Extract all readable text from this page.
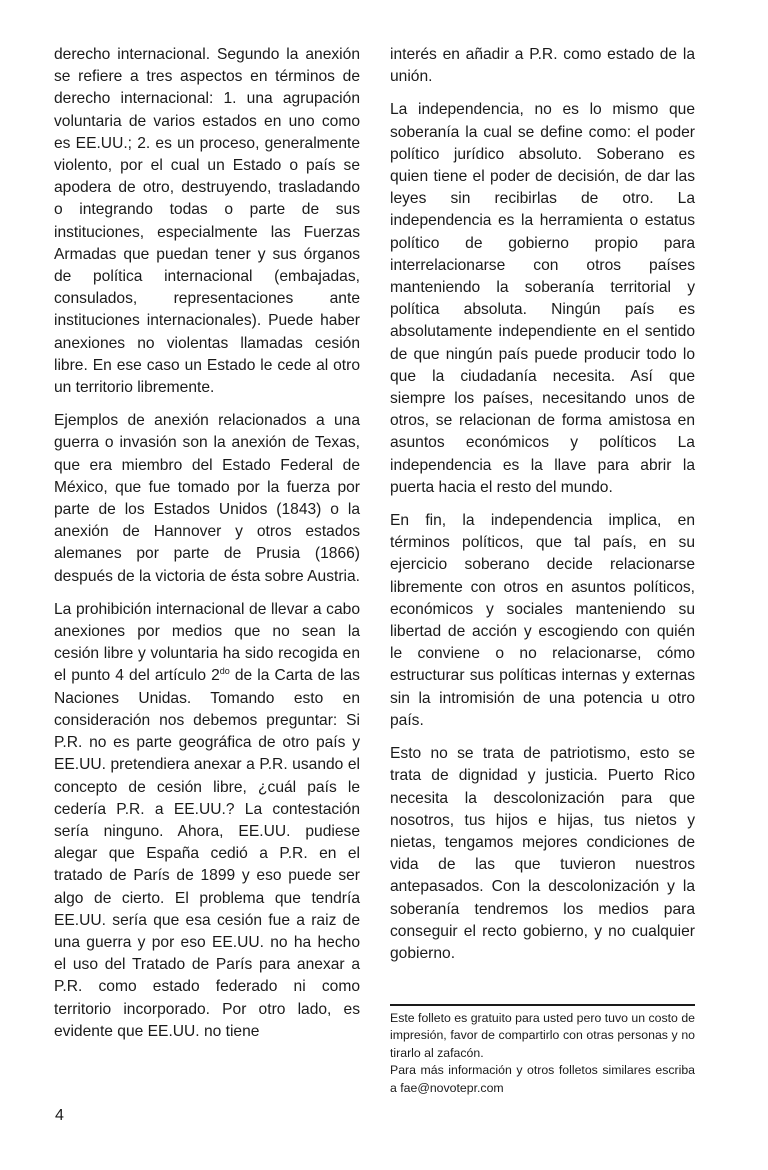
derecho internacional. Segundo la anexión se refiere a tres aspectos en términos de derecho internacional: 1. una agrupación voluntaria de varios estados en uno como es EE.UU.; 2. es un proceso, generalmente violento, por el cual un Estado o país se apodera de otro, destruyendo, trasladando o integrando todas o parte de sus instituciones, especialmente las Fuerzas Armadas que puedan tener y sus órganos de política internacional (embajadas, consulados, representaciones ante instituciones internacionales). Puede haber anexiones no violentas llamadas cesión libre. En ese caso un Estado le cede al otro un territorio libremente.

Ejemplos de anexión relacionados a una guerra o invasión son la anexión de Texas, que era miembro del Estado Federal de México, que fue tomado por la fuerza por parte de los Estados Unidos (1843) o la anexión de Hannover y otros estados alemanes por parte de Prusia (1866) después de la victoria de ésta sobre Austria.

La prohibición internacional de llevar a cabo anexiones por medios que no sean la cesión libre y voluntaria ha sido recogida en el punto 4 del artículo $2^{do}$ de la Carta de las Naciones Unidas. Tomando esto en consideración nos debemos preguntar: Si P.R. no es parte geográfica de otro país y EE.UU. pretendiera anexar a P.R. usando el concepto de cesión libre, ¿cuál país le cedería P.R. a EE.UU.? La contestación sería ninguno. Ahora, EE.UU. pudiese alegar que España cedió a P.R. en el tratado de París de 1899 y eso puede ser algo de cierto. El problema que tendría EE.UU. sería que esa cesión fue a raiz de una guerra y por eso EE.UU. no ha hecho el uso del Tratado de París para anexar a P.R. como estado federado ni como territorio incorporado. Por otro lado, es evidente que EE.UU. no tiene

interés en añadir a P.R. como estado de la unión.

La independencia, no es lo mismo que soberanía la cual se define como: el poder político jurídico absoluto. Soberano es quien tiene el poder de decisión, de dar las leyes sin recibirlas de otro. La independencia es la herramienta o estatus político de gobierno propio para interrelacionarse con otros países manteniendo la soberanía territorial y política absoluta. Ningún país es absolutamente independiente en el sentido de que ningún país puede producir todo lo que la ciudadanía necesita. Así que siempre los países, necesitando unos de otros, se relacionan de forma amistosa en asuntos económicos y políticos La independencia es la llave para abrir la puerta hacia el resto del mundo.

En fin, la independencia implica, en términos políticos, que tal país, en su ejercicio soberano decide relacionarse libremente con otros en asuntos políticos, económicos y sociales manteniendo su libertad de acción y escogiendo con quién le conviene o no relacionarse, cómo estructurar sus políticas internas y externas sin la intromisión de una potencia u otro país.

Esto no se trata de patriotismo, esto se trata de dignidad y justicia. Puerto Rico necesita la descolonización para que nosotros, tus hijos e hijas, tus nietos y nietas, tengamos mejores condiciones de vida de las que tuvieron nuestros antepasados. Con la descolonización y la soberanía tendremos los medios para conseguir el recto gobierno, y no cualquier gobierno.

Este folleto es gratuito para usted pero tuvo un costo de impresión, favor de compartirlo con otras personas y no tirarlo al zafacón.

Para más información y otros folletos similares escriba a fae@novotepr.com

4
